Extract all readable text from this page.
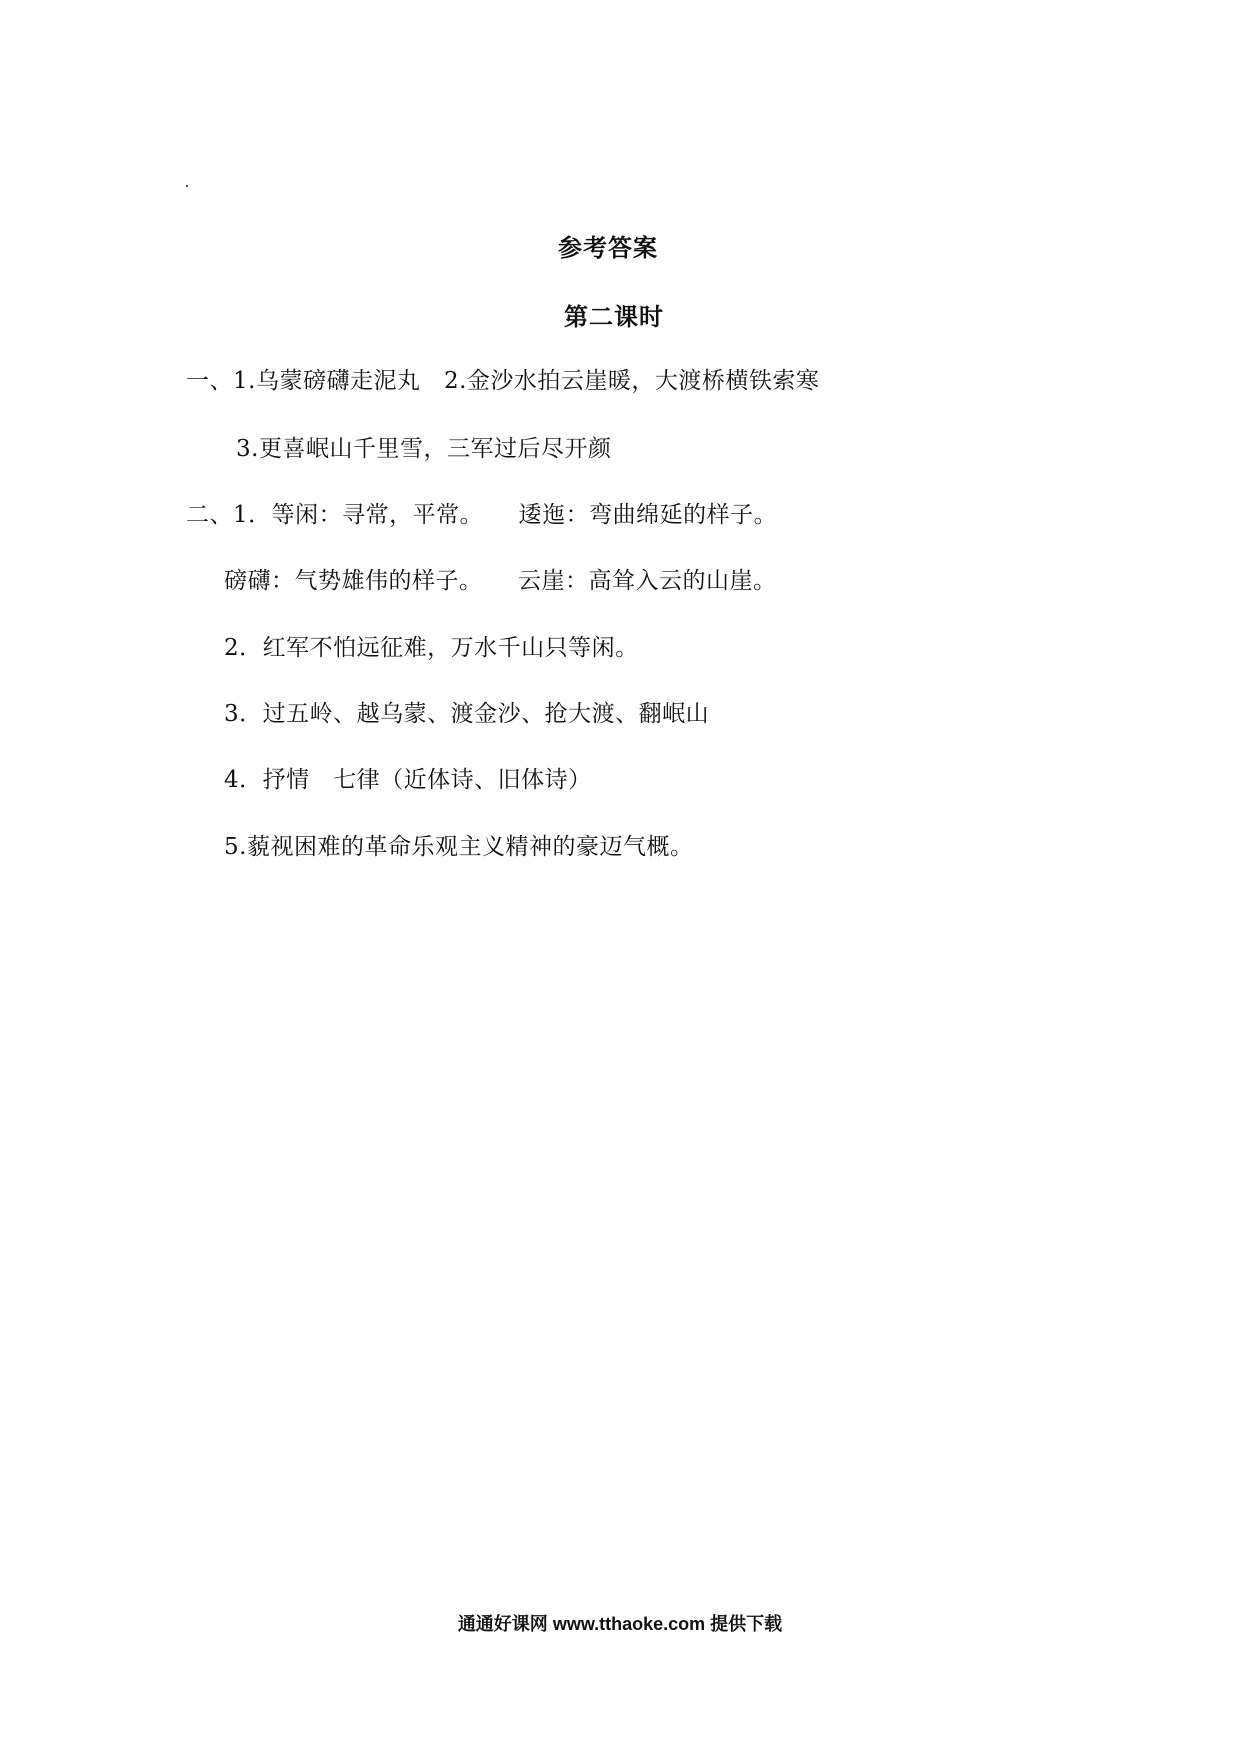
参考答案
第二课时
一、1.乌蒙磅礴走泥丸　2.金沙水拍云崖暖，大渡桥横铁索寒
3.更喜岷山千里雪，三军过后尽开颜
二、1．等闲：寻常，平常。　　逶迤：弯曲绵延的样子。
磅礴：气势雄伟的样子。　　云崖：高耸入云的山崖。
2．红军不怕远征难，万水千山只等闲。
3．过五岭、越乌蒙、渡金沙、抢大渡、翻岷山
4．抒情　七律（近体诗、旧体诗）
5.藐视困难的革命乐观主义精神的豪迈气概。
通通好课网 www.tthaoke.com 提供下载
